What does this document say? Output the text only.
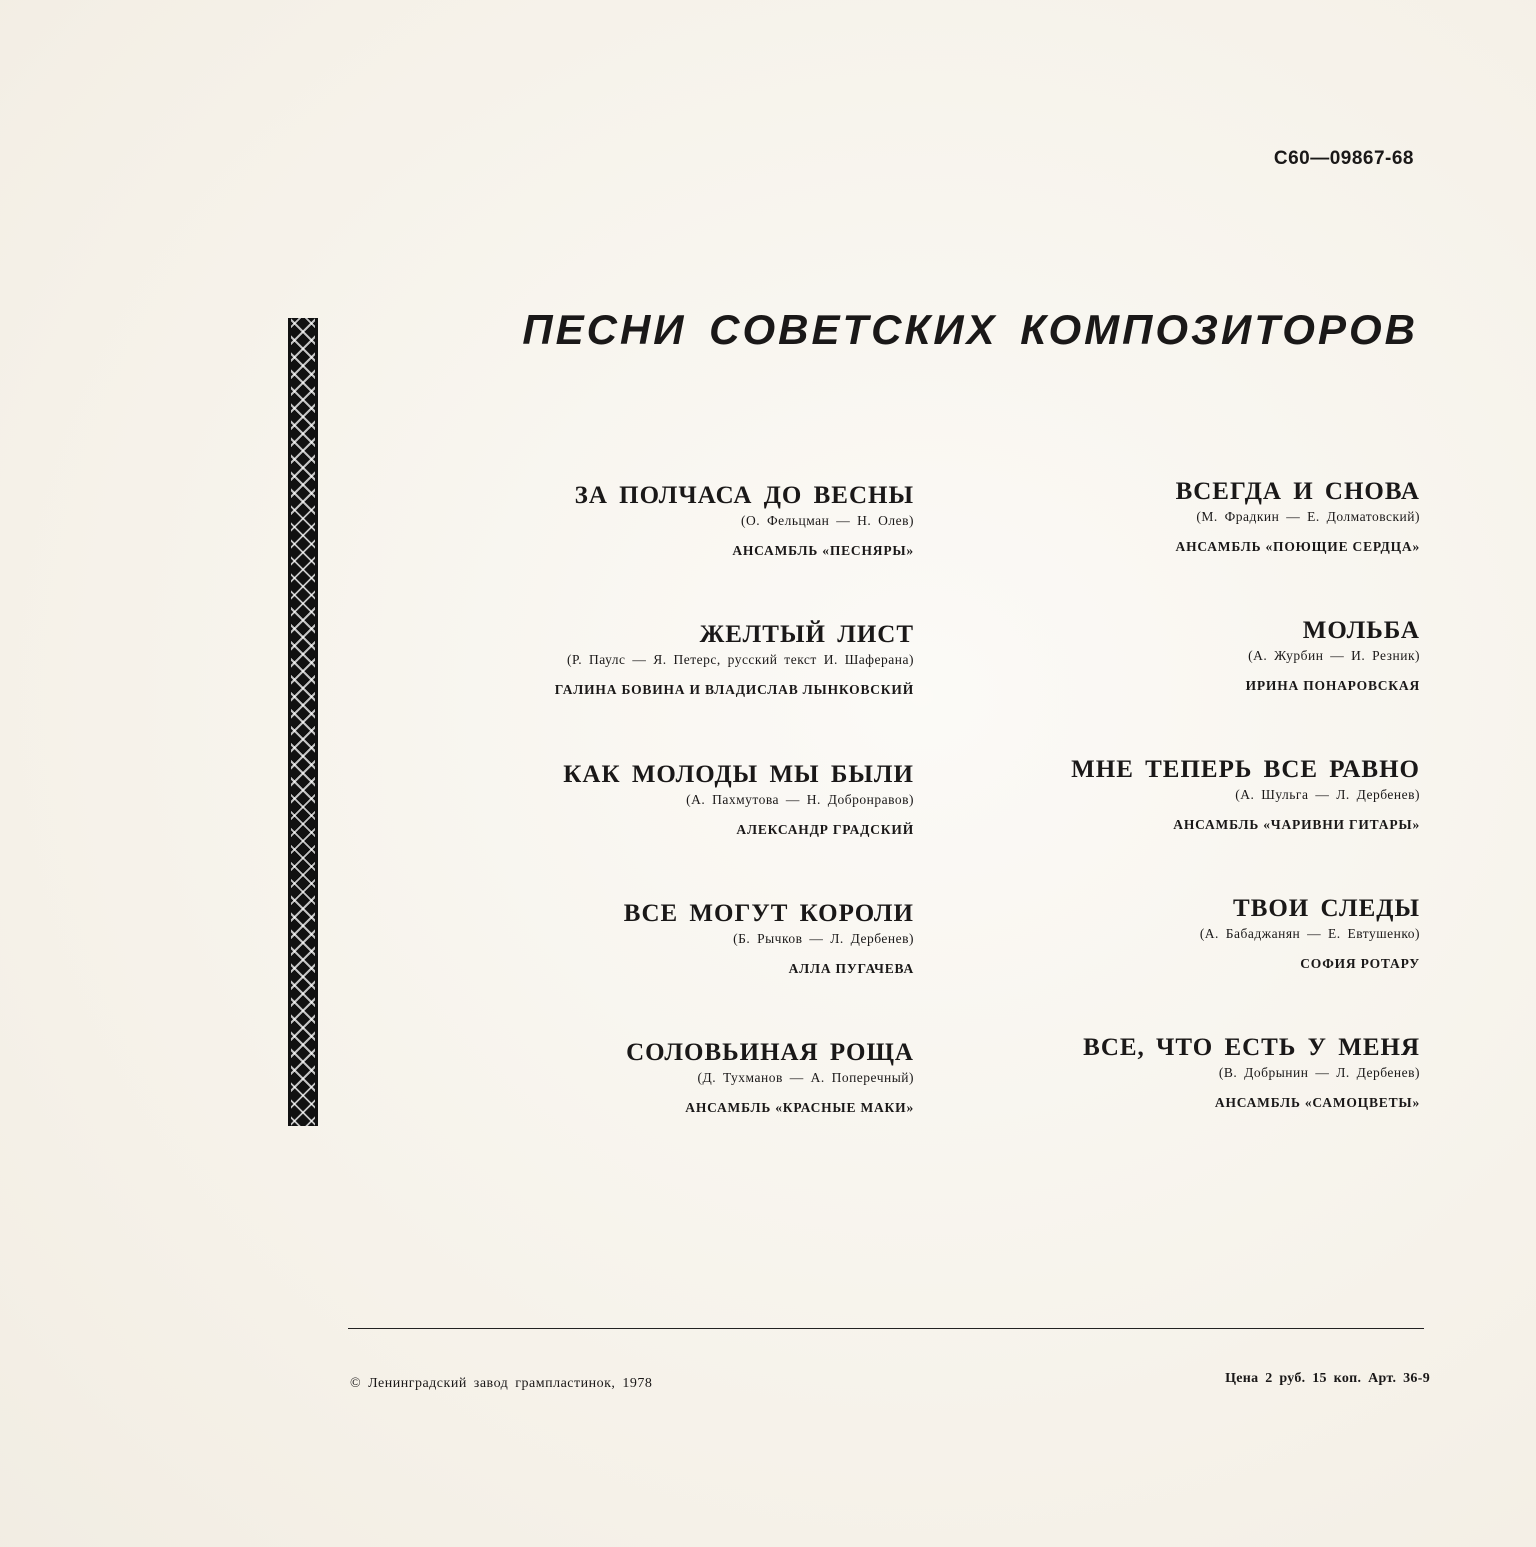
С60—09867-68
ПЕСНИ СОВЕТСКИХ КОМПОЗИТОРОВ
ЗА ПОЛЧАСА ДО ВЕСНЫ
(О. Фельцман — Н. Олев)
АНСАМБЛЬ «ПЕСНЯРЫ»
ЖЕЛТЫЙ ЛИСТ
(Р. Паулс — Я. Петерс, русский текст И. Шаферана)
ГАЛИНА БОВИНА И ВЛАДИСЛАВ ЛЫНКОВСКИЙ
КАК МОЛОДЫ МЫ БЫЛИ
(А. Пахмутова — Н. Добронравов)
АЛЕКСАНДР ГРАДСКИЙ
ВСЕ МОГУТ КОРОЛИ
(Б. Рычков — Л. Дербенев)
АЛЛА ПУГАЧЕВА
СОЛОВЬИНАЯ РОЩА
(Д. Тухманов — А. Поперечный)
АНСАМБЛЬ «КРАСНЫЕ МАКИ»
ВСЕГДА И СНОВА
(М. Фрадкин — Е. Долматовский)
АНСАМБЛЬ «ПОЮЩИЕ СЕРДЦА»
МОЛЬБА
(А. Журбин — И. Резник)
ИРИНА ПОНАРОВСКАЯ
МНЕ ТЕПЕРЬ ВСЕ РАВНО
(А. Шульга — Л. Дербенев)
АНСАМБЛЬ «ЧАРИВНИ ГИТАРЫ»
ТВОИ СЛЕДЫ
(А. Бабаджанян — Е. Евтушенко)
СОФИЯ РОТАРУ
ВСЕ, ЧТО ЕСТЬ У МЕНЯ
(В. Добрынин — Л. Дербенев)
АНСАМБЛЬ «САМОЦВЕТЫ»
© Ленинградский завод грампластинок, 1978	Цена 2 руб. 15 коп. Арт. 36-9
